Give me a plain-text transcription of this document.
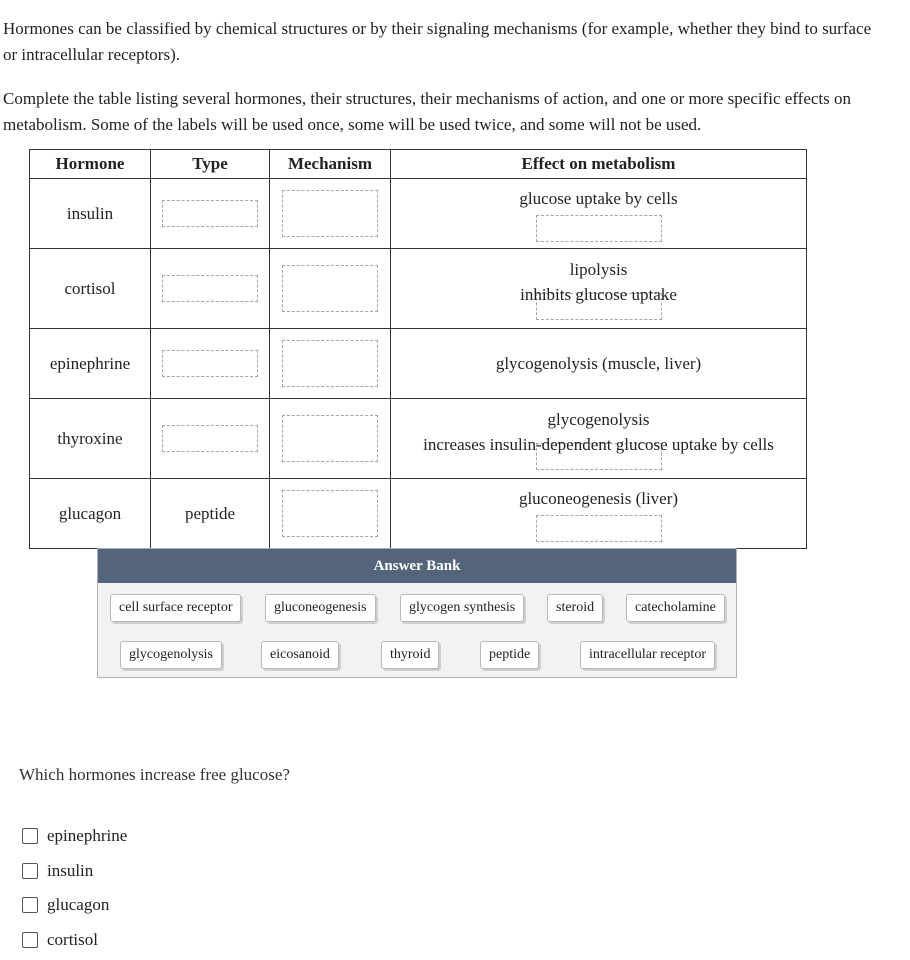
Hormones can be classified by chemical structures or by their signaling mechanisms (for example, whether they bind to surface or intracellular receptors).

Complete the table listing several hormones, their structures, their mechanisms of action, and one or more specific effects on metabolism. Some of the labels will be used once, some will be used twice, and some will not be used.

Hormone	Type	Mechanism	Effect on metabolism
insulin			glucose uptake by cells

cortisol			lipolysis
inhibits glucose uptake

epinephrine			glycogenolysis (muscle, liver)

thyroxine			glycogenolysis
increases insulin-dependent glucose uptake by cells

glucagon	peptide		gluconeogenesis (liver)
Answer Bank
cell surface receptor	gluconeogenesis	glycogen synthesis	steroid	catecholamine
glycogenolysis	eicosanoid	thyroid	peptide	intracellular receptor
Which hormones increase free glucose?
epinephrine
insulin
glucagon
cortisol
